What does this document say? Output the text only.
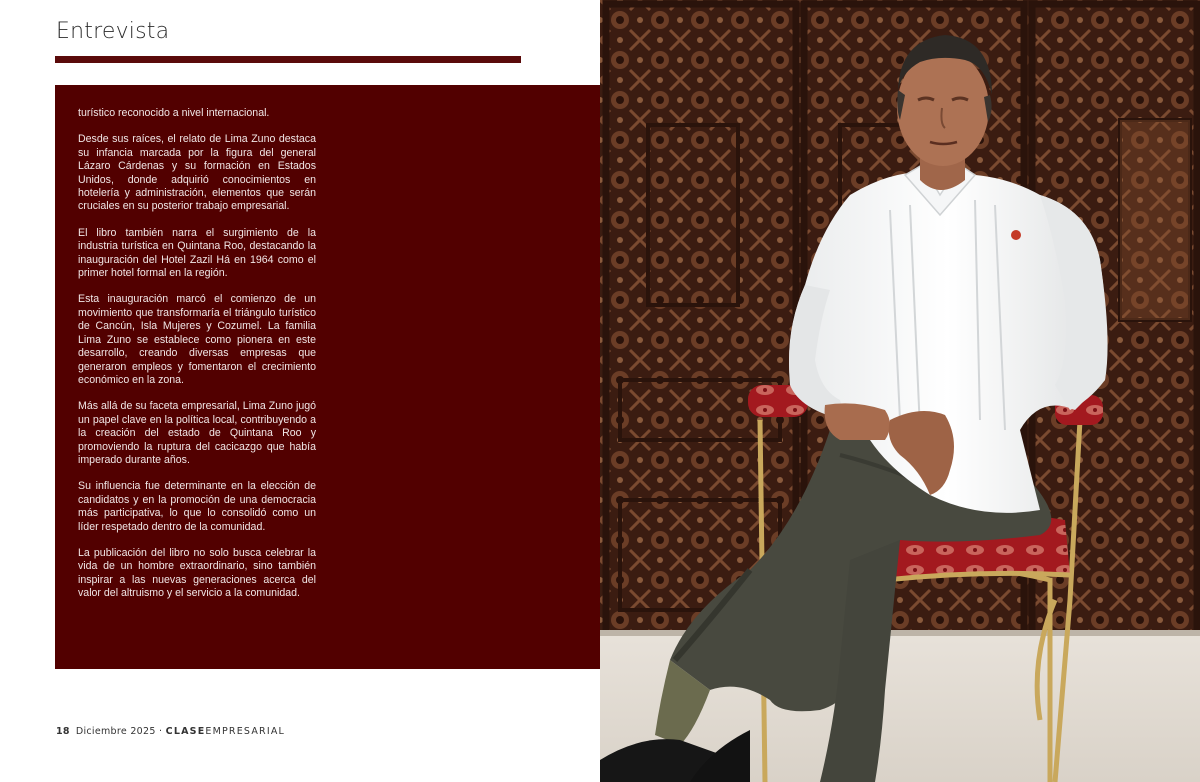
Entrevista

turístico reconocido a nivel internacional.

Desde sus raíces, el relato de Lima Zuno destaca su infancia marcada por la figura del general Lázaro Cárdenas y su formación en Estados Unidos, donde adquirió conocimientos en hotelería y administración, elementos que serán cruciales en su posterior trabajo empresarial.

El libro también narra el surgimiento de la industria turística en Quintana Roo, destacando la inauguración del Hotel Zazil Há en 1964 como el primer hotel formal en la región.

Esta inauguración marcó el comienzo de un movimiento que transformaría el triángulo turístico de Cancún, Isla Mujeres y Cozumel. La familia Lima Zuno se establece como pionera en este desarrollo, creando diversas empresas que generaron empleos y fomentaron el crecimiento económico en la zona.

Más allá de su faceta empresarial, Lima Zuno jugó un papel clave en la política local, contribuyendo a la creación del estado de Quintana Roo y promoviendo la ruptura del cacicazgo que había imperado durante años.

Su influencia fue determinante en la elección de candidatos y en la promoción de una democracia más participativa, lo que lo consolidó como un líder respetado dentro de la comunidad.

La publicación del libro no solo busca celebrar la vida de un hombre extraordinario, sino también inspirar a las nuevas generaciones acerca del valor del altruismo y el servicio a la comunidad.

18 Diciembre 2025 · CLASEEMPRESARIAL
